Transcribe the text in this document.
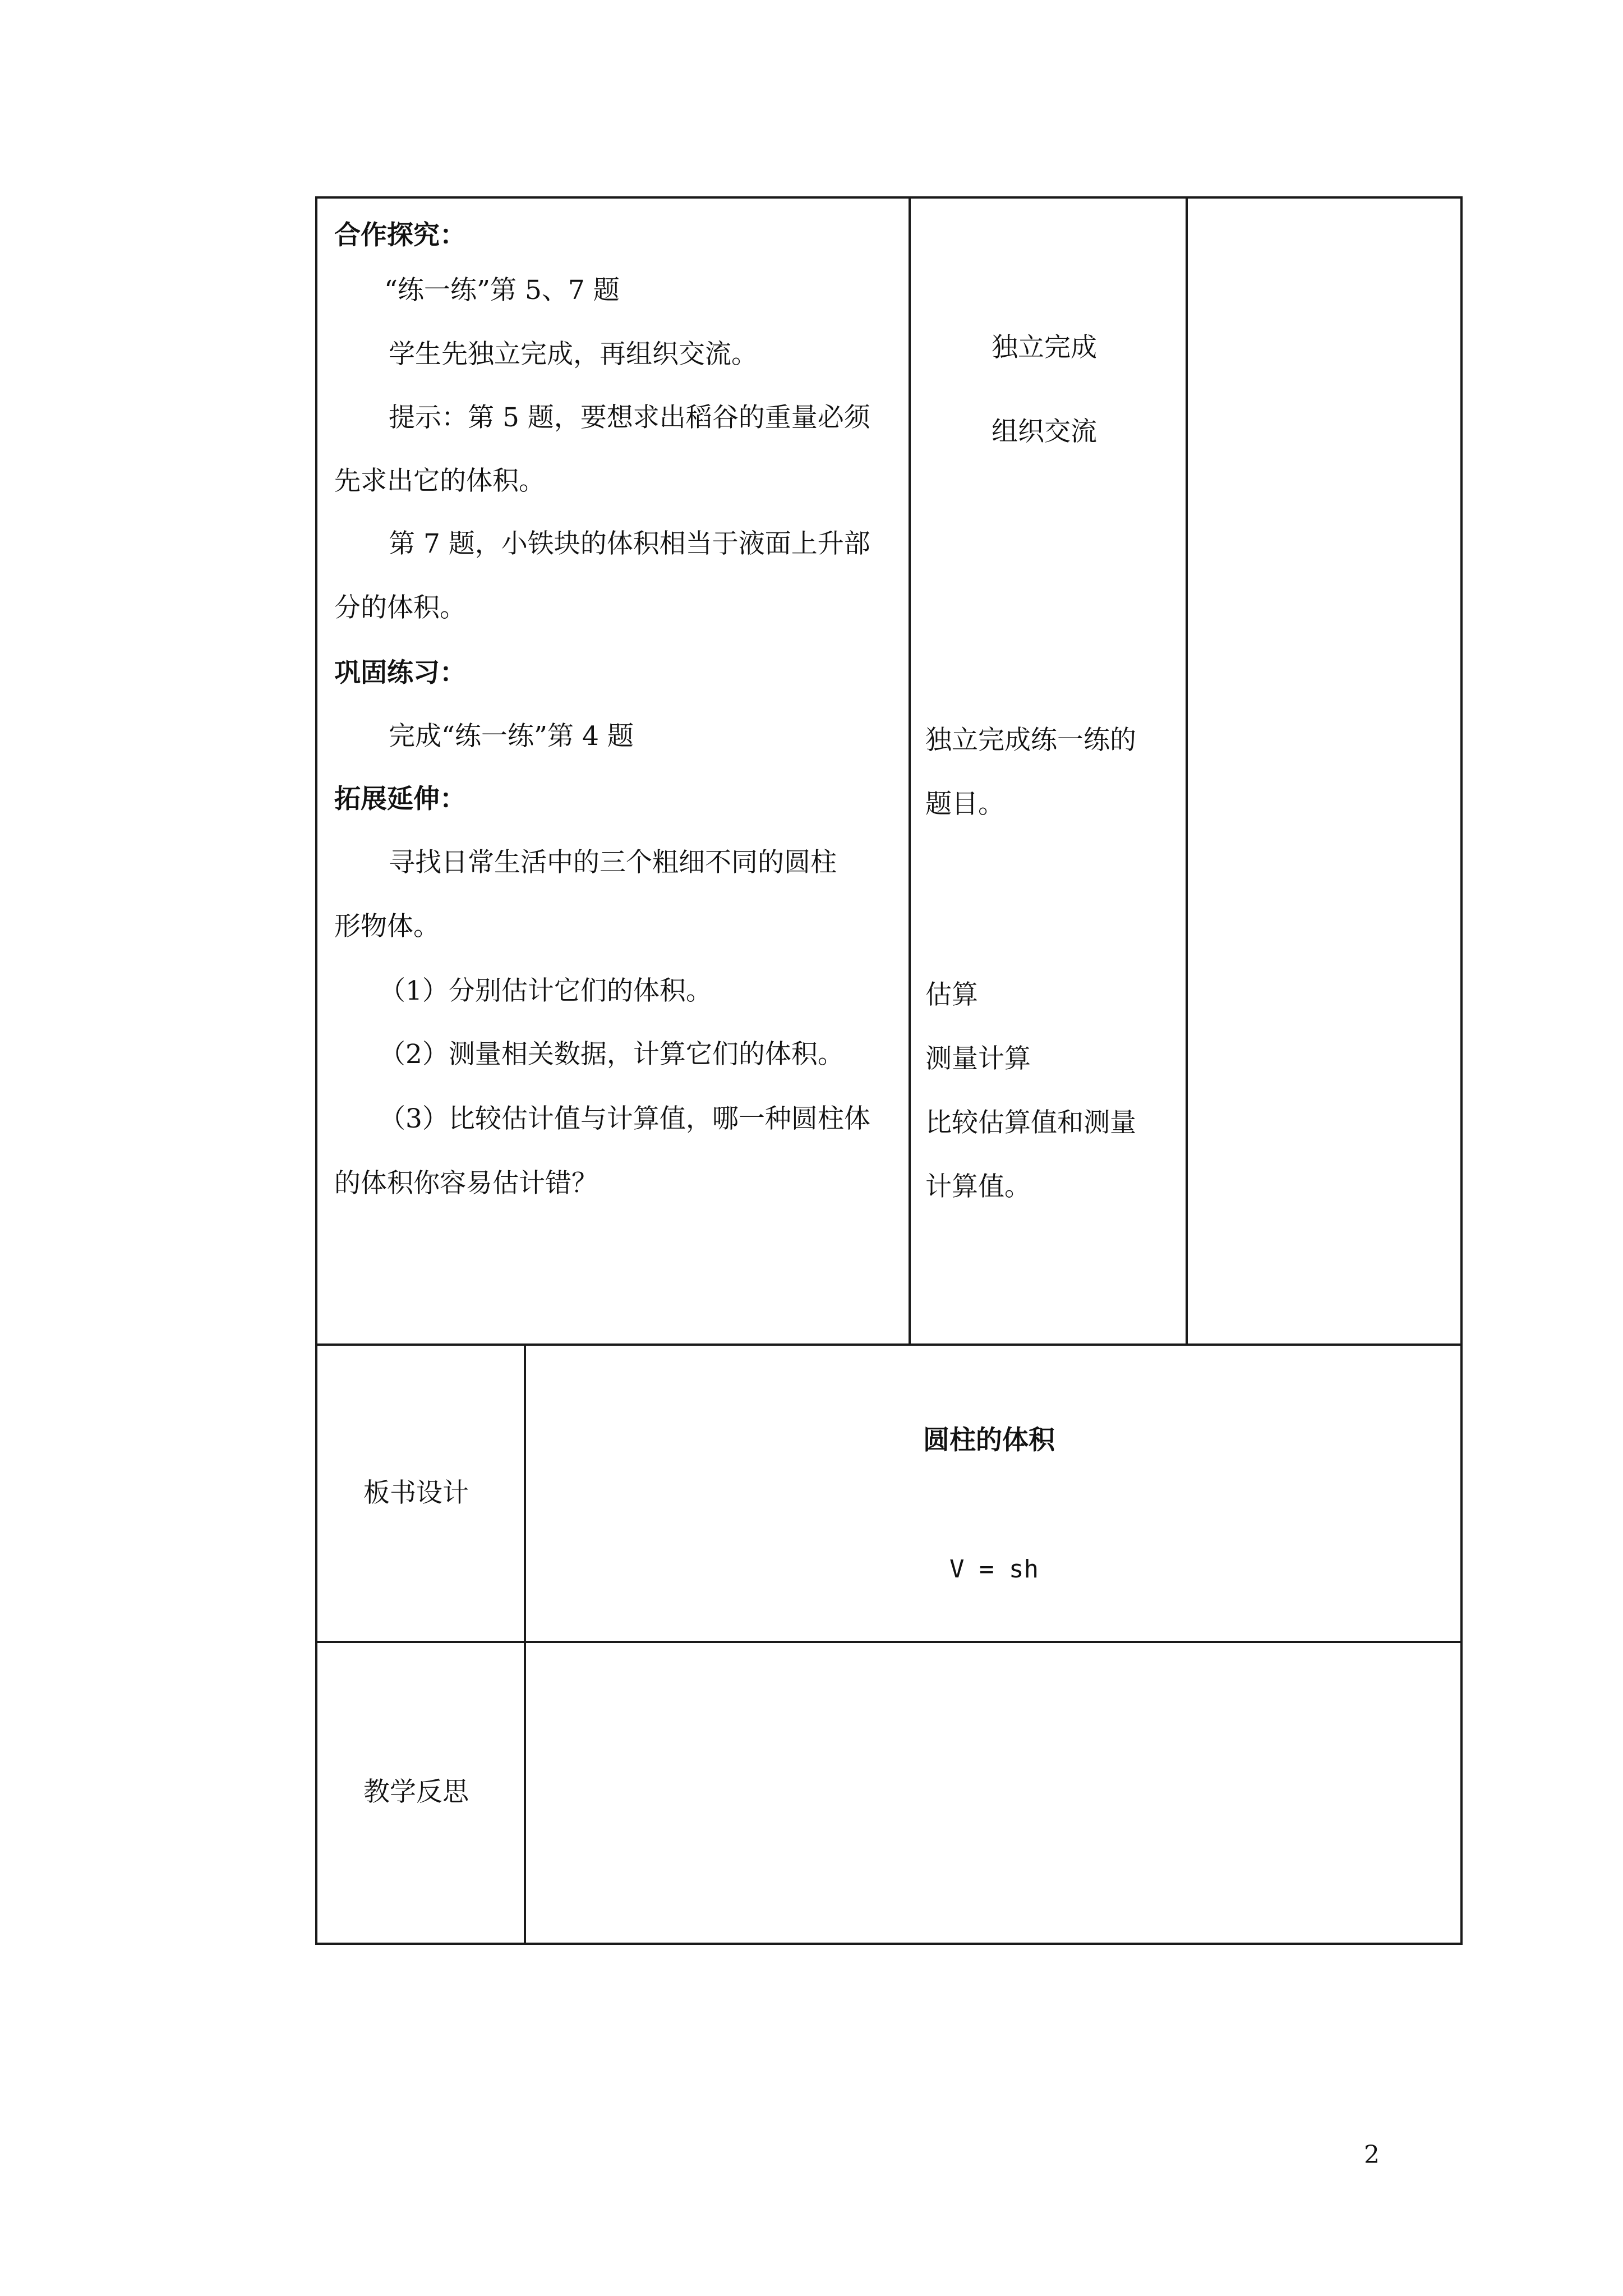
合作探究：
“练一练”第 5、7 题
学生先独立完成，再组织交流。
提示：第 5 题，要想求出稻谷的重量必须
先求出它的体积。
第 7 题，小铁块的体积相当于液面上升部
分的体积。
巩固练习：
完成“练一练”第 4 题
拓展延伸：
寻找日常生活中的三个粗细不同的圆柱
形物体。
（1）分别估计它们的体积。
（2）测量相关数据，计算它们的体积。
（3）比较估计值与计算值，哪一种圆柱体
的体积你容易估计错？
独立完成
组织交流
独立完成练一练的
题目。
估算
测量计算
比较估算值和测量
计算值。
板书设计
圆柱的体积
V = sh
教学反思
2
